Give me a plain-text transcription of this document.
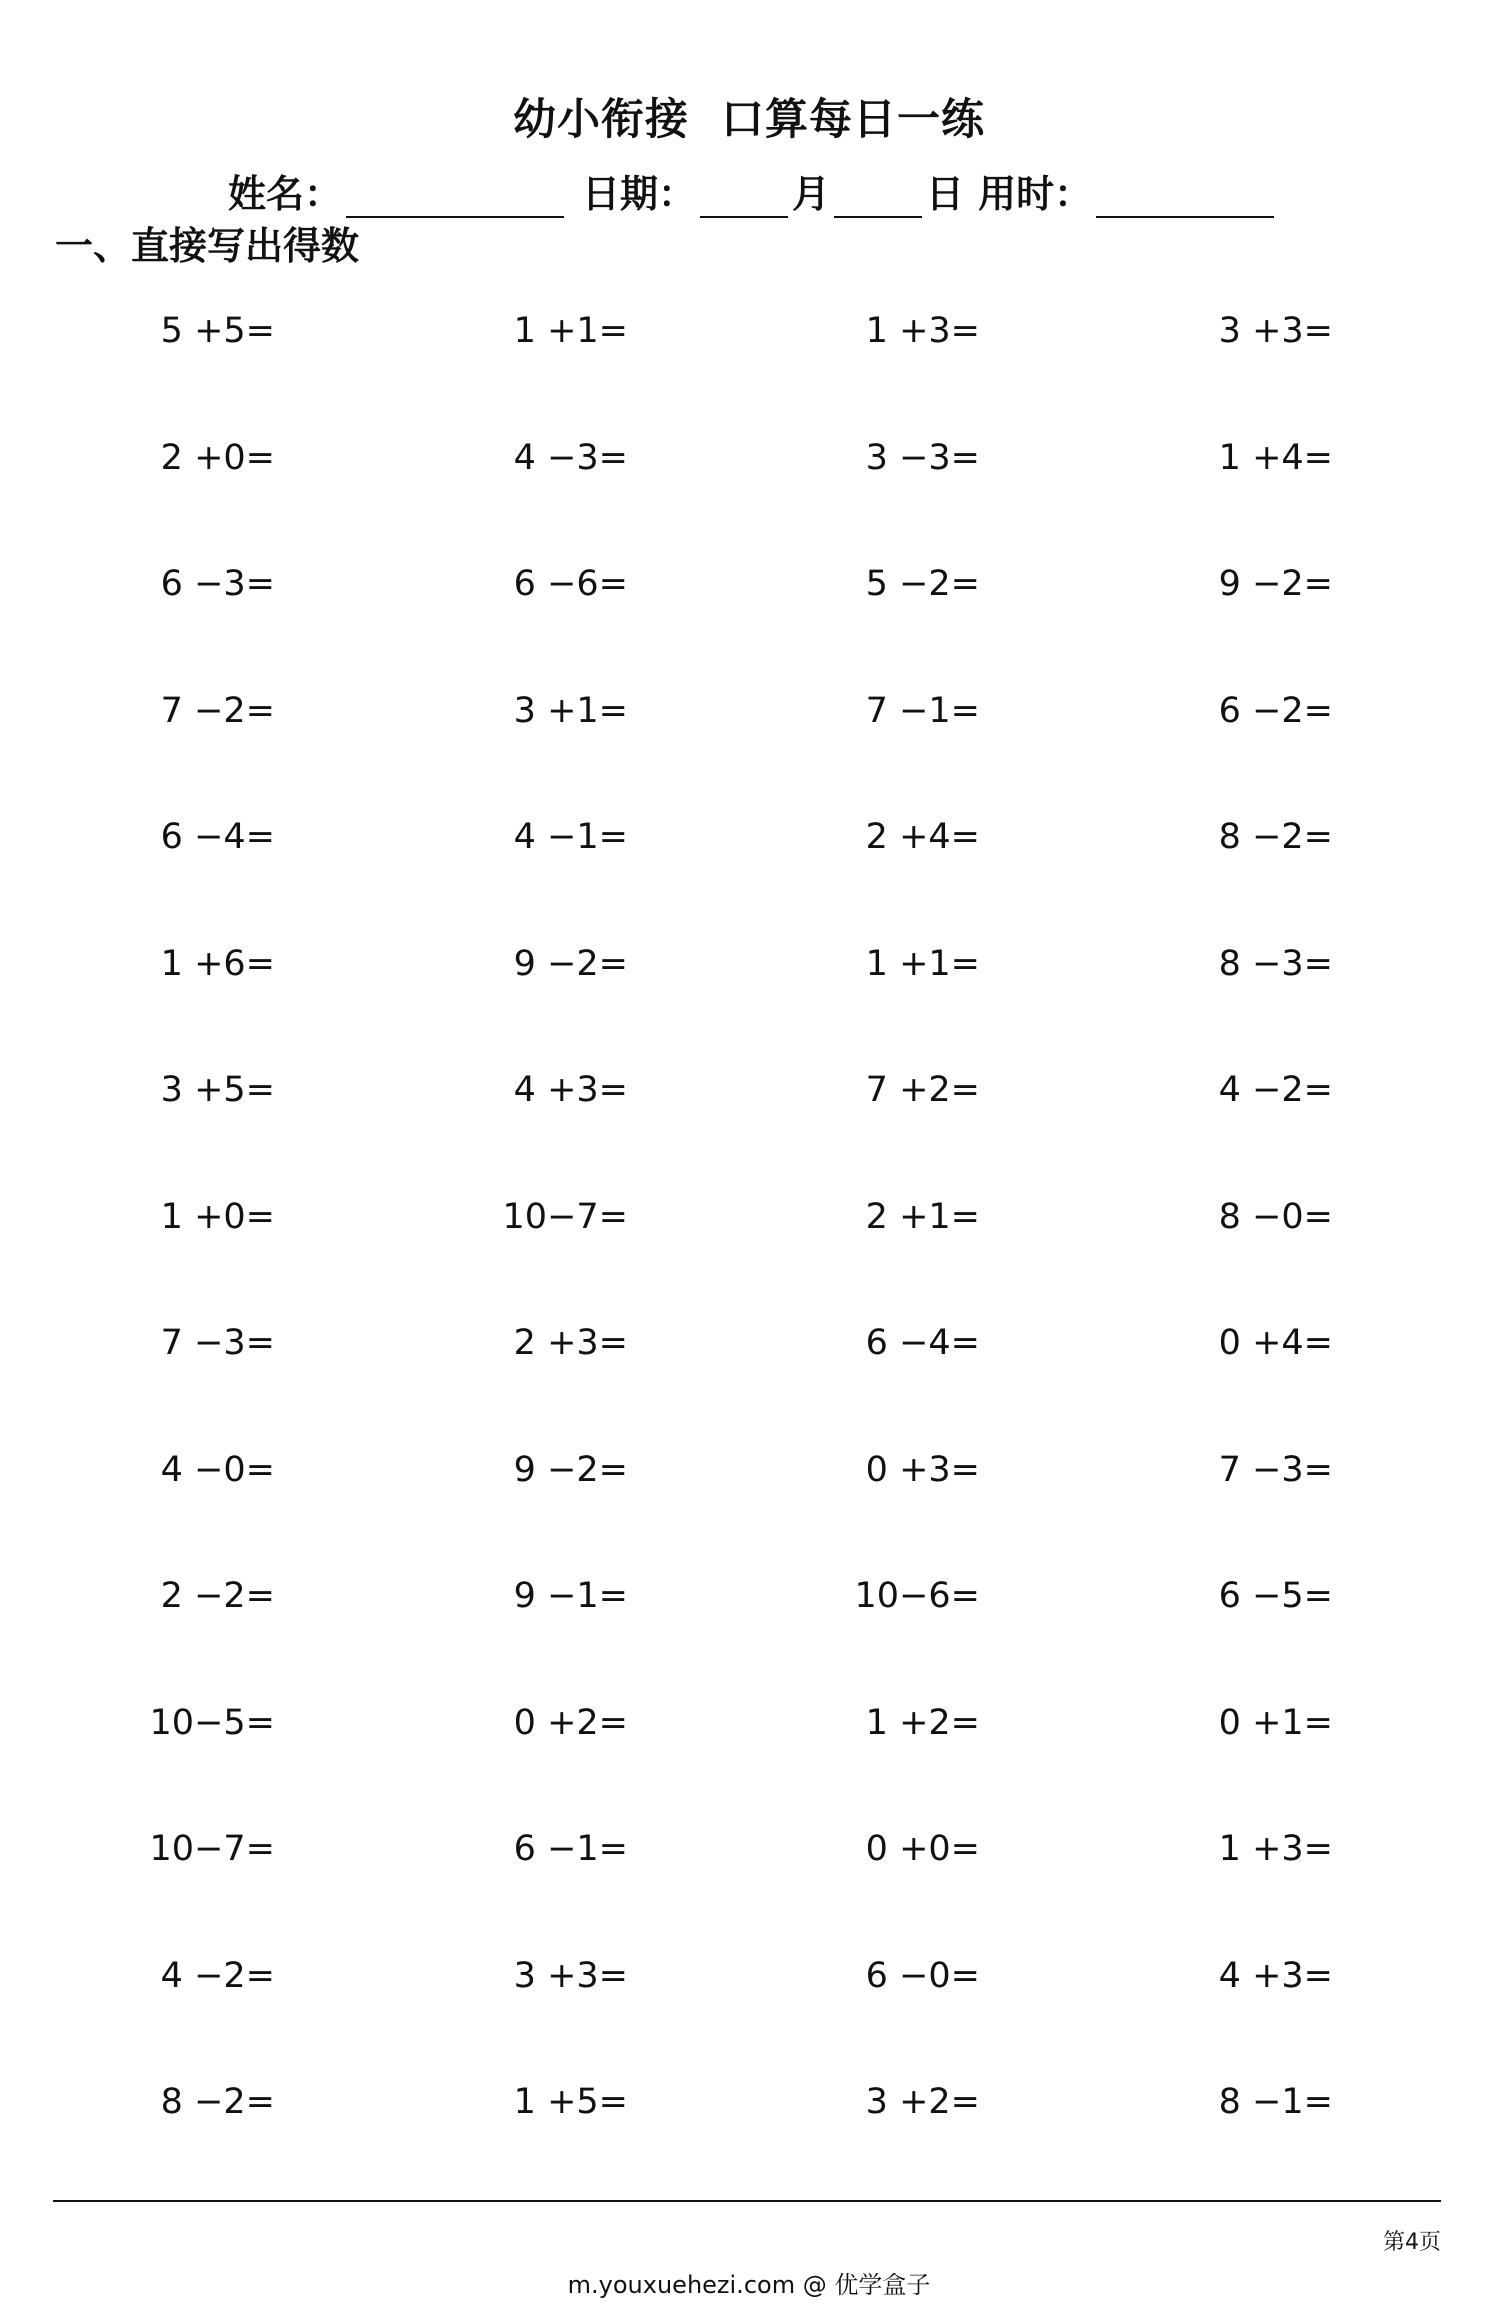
幼小衔接  口算每日一练
姓名：	日期：	月	日 用时：
一、直接写出得数
5 +5=	1 +1=	1 +3=	3 +3=
2 +0=	4 −3=	3 −3=	1 +4=
6 −3=	6 −6=	5 −2=	9 −2=
7 −2=	3 +1=	7 −1=	6 −2=
6 −4=	4 −1=	2 +4=	8 −2=
1 +6=	9 −2=	1 +1=	8 −3=
3 +5=	4 +3=	7 +2=	4 −2=
1 +0=	10−7=	2 +1=	8 −0=
7 −3=	2 +3=	6 −4=	0 +4=
4 −0=	9 −2=	0 +3=	7 −3=
2 −2=	9 −1=	10−6=	6 −5=
10−5=	0 +2=	1 +2=	0 +1=
10−7=	6 −1=	0 +0=	1 +3=
4 −2=	3 +3=	6 −0=	4 +3=
8 −2=	1 +5=	3 +2=	8 −1=
第4页
m.youxuehezi.com @ 优学盒子
